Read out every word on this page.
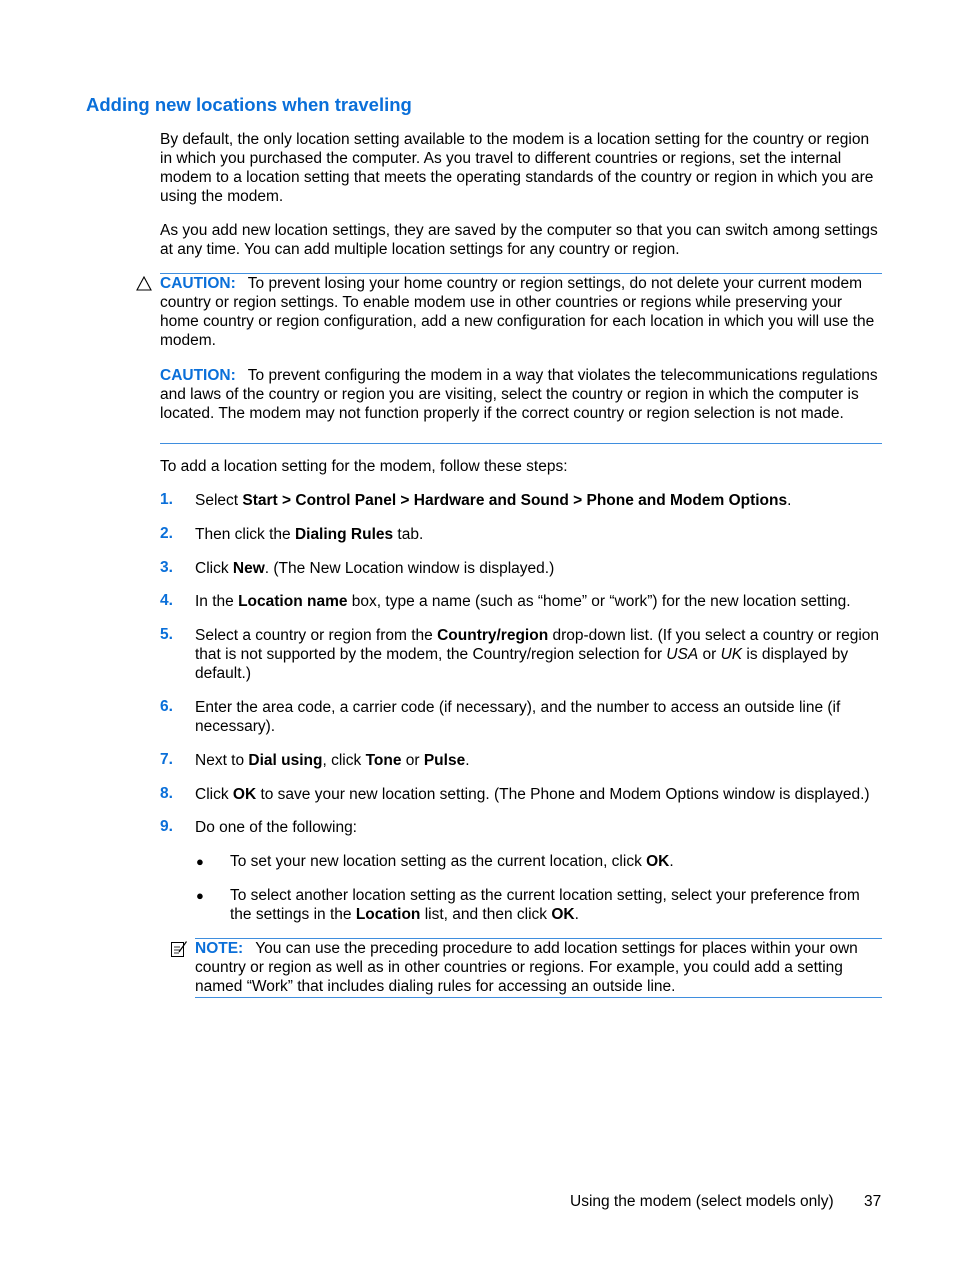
Adding new locations when traveling
By default, the only location setting available to the modem is a location setting for the country or region in which you purchased the computer. As you travel to different countries or regions, set the internal modem to a location setting that meets the operating standards of the country or region in which you are using the modem.
As you add new location settings, they are saved by the computer so that you can switch among settings at any time. You can add multiple location settings for any country or region.
CAUTION: To prevent losing your home country or region settings, do not delete your current modem country or region settings. To enable modem use in other countries or regions while preserving your home country or region configuration, add a new configuration for each location in which you will use the modem.
CAUTION: To prevent configuring the modem in a way that violates the telecommunications regulations and laws of the country or region you are visiting, select the country or region in which the computer is located. The modem may not function properly if the correct country or region selection is not made.
To add a location setting for the modem, follow these steps:
1. Select Start > Control Panel > Hardware and Sound > Phone and Modem Options.
2. Then click the Dialing Rules tab.
3. Click New. (The New Location window is displayed.)
4. In the Location name box, type a name (such as “home” or “work”) for the new location setting.
5. Select a country or region from the Country/region drop-down list. (If you select a country or region that is not supported by the modem, the Country/region selection for USA or UK is displayed by default.)
6. Enter the area code, a carrier code (if necessary), and the number to access an outside line (if necessary).
7. Next to Dial using, click Tone or Pulse.
8. Click OK to save your new location setting. (The Phone and Modem Options window is displayed.)
9. Do one of the following:
● To set your new location setting as the current location, click OK.
● To select another location setting as the current location setting, select your preference from the settings in the Location list, and then click OK.
NOTE: You can use the preceding procedure to add location settings for places within your own country or region as well as in other countries or regions. For example, you could add a setting named “Work” that includes dialing rules for accessing an outside line.
Using the modem (select models only) 37
